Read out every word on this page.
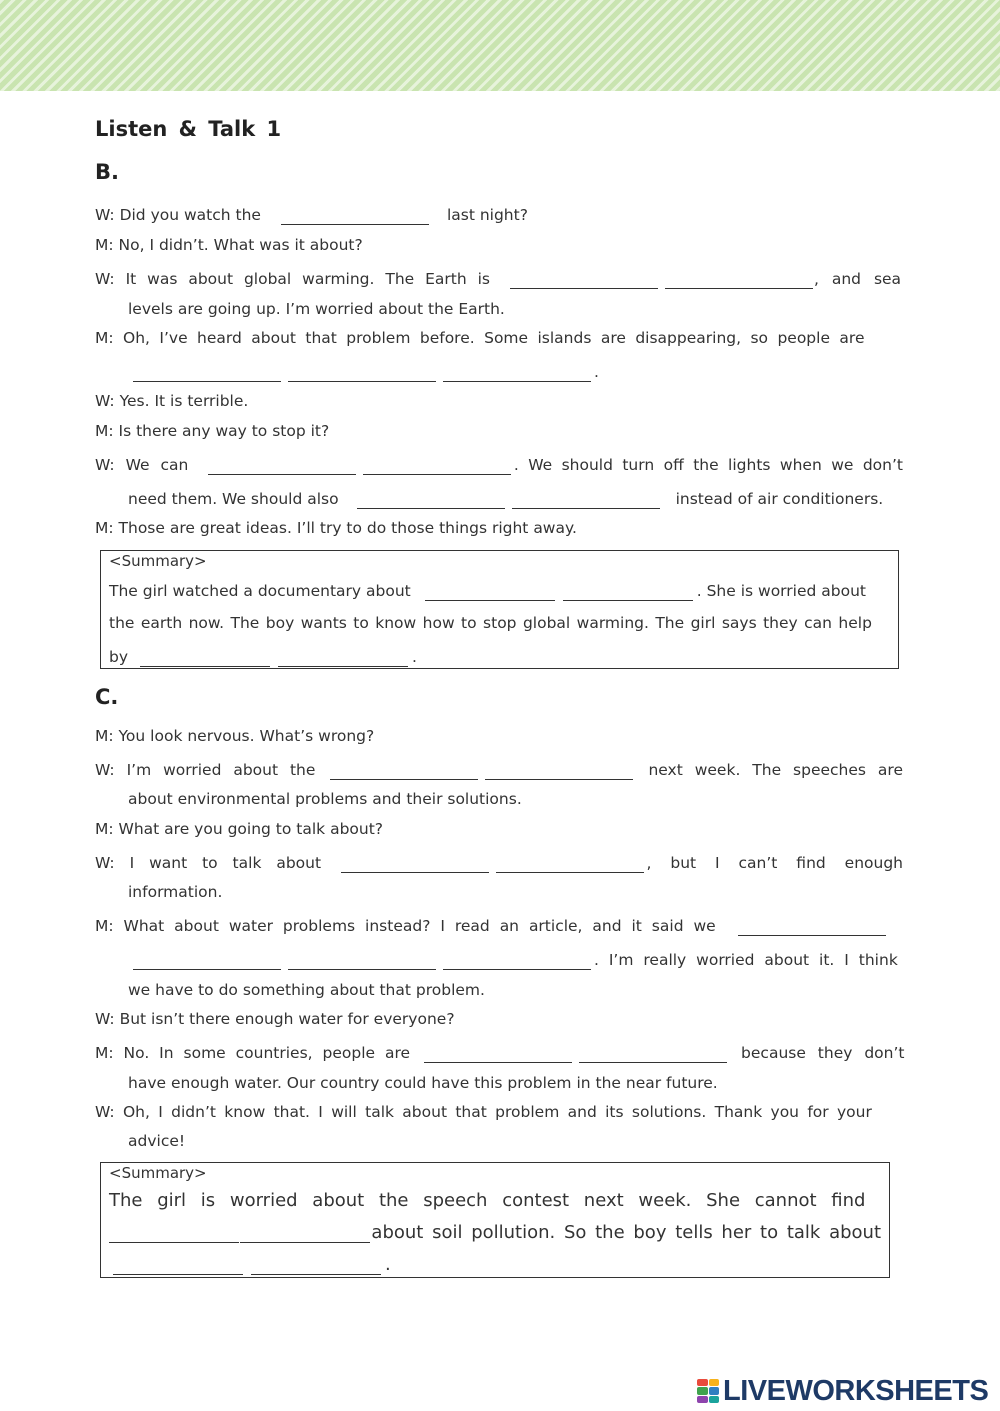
Listen & Talk 1
B.
W: Did you watch the	last night?
M: No, I didn’t. What was it about?
W: It was about global warming. The Earth is	, and sea
levels are going up. I’m worried about the Earth.
M: Oh, I’ve heard about that problem before. Some islands are disappearing, so people are
.
W: Yes. It is terrible.
M: Is there any way to stop it?
W: We can	. We should turn off the lights when we don’t
need them. We should also	instead of air conditioners.
M: Those are great ideas. I’ll try to do those things right away.
<Summary>
The girl watched a documentary about	. She is worried about
the earth now. The boy wants to know how to stop global warming. The girl says they can help
by	.
C.
M: You look nervous. What’s wrong?
W: I’m worried about the	next week. The speeches are
about environmental problems and their solutions.
M: What are you going to talk about?
W: I want to talk about	, but I can’t find enough
information.
M: What about water problems instead? I read an article, and it said we
. I’m really worried about it. I think
we have to do something about that problem.
W: But isn’t there enough water for everyone?
M: No. In some countries, people are	because they don’t
have enough water. Our country could have this problem in the near future.
W: Oh, I didn’t know that. I will talk about that problem and its solutions. Thank you for your
advice!
<Summary>
The girl is worried about the speech contest next week. She cannot find
about soil pollution. So the boy tells her to talk about
.
LIVEWORKSHEETS
